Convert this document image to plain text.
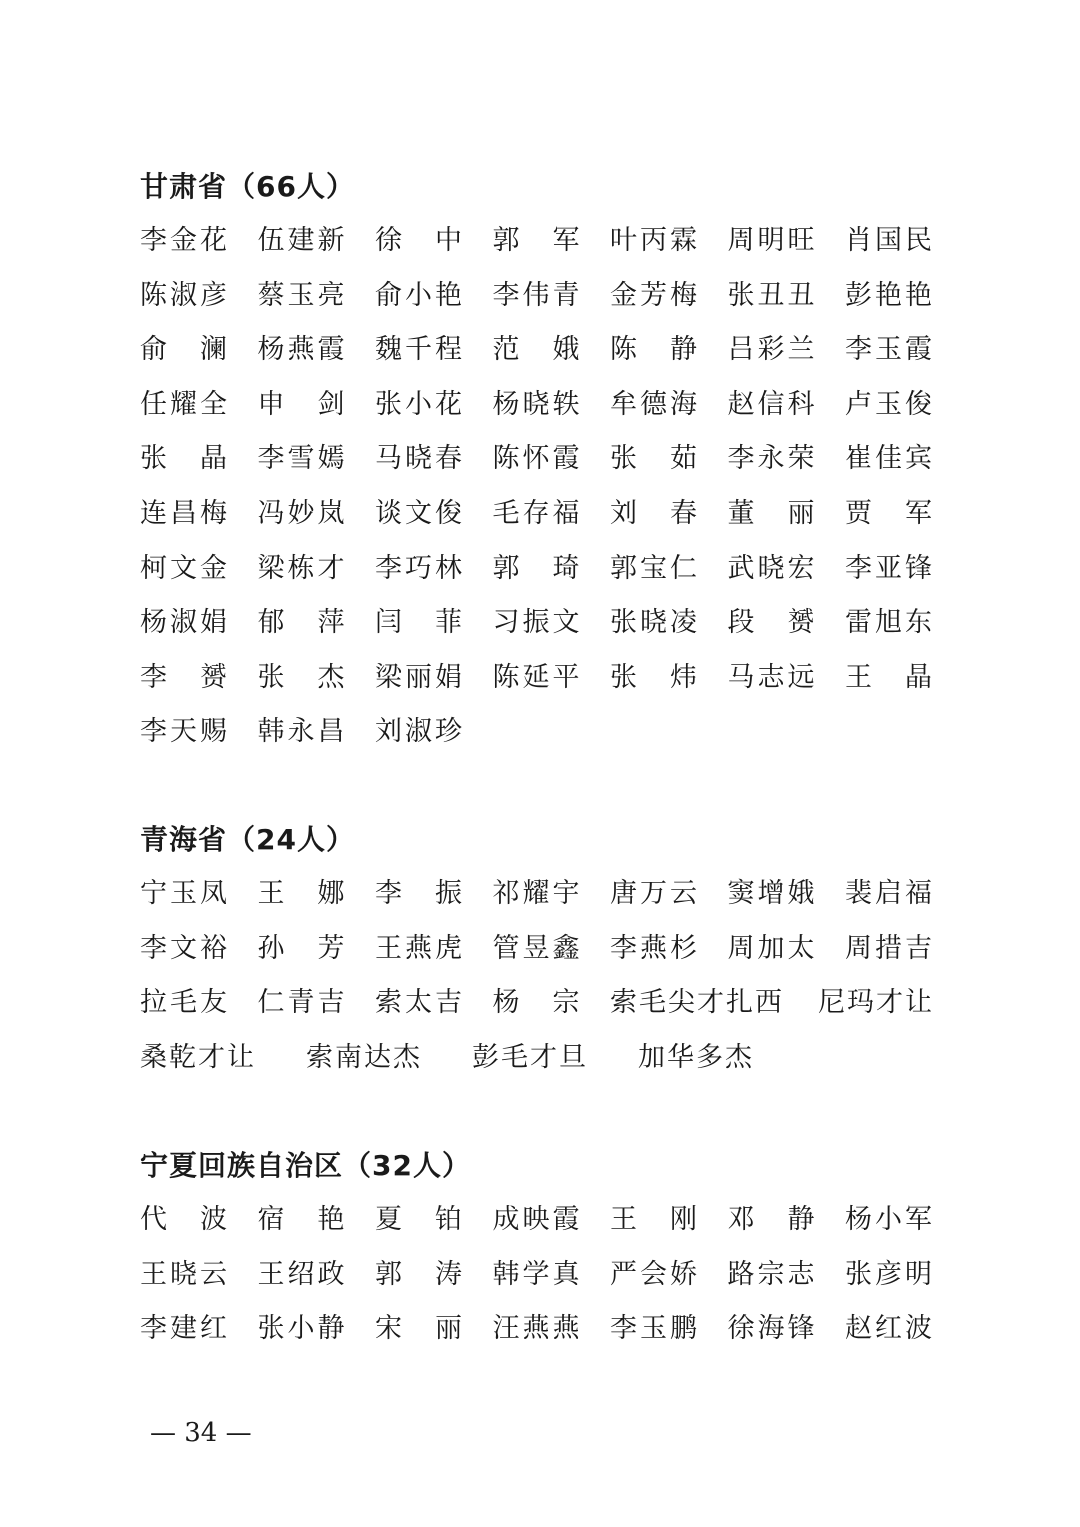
甘肃省（66人）
李 金 花 伍 建 新 徐 中 郭 军 叶 丙 霖 周 明 旺 肖 国 民
陈 淑 彦 蔡 玉 亮 俞 小 艳 李 伟 青 金 芳 梅 张 丑 丑 彭 艳 艳
俞 澜 杨 燕 霞 魏 千 程 范 娥 陈 静 吕 彩 兰 李 玉 霞
任 耀 全 申 剑 张 小 花 杨 晓 轶 牟 德 海 赵 信 科 卢 玉 俊
张 晶 李 雪 嫣 马 晓 春 陈 怀 霞 张 茹 李 永 荣 崔 佳 宾
连 昌 梅 冯 妙 岚 谈 文 俊 毛 存 福 刘 春 董 丽 贾 军
柯 文 金 梁 栋 才 李 巧 林 郭 琦 郭 宝 仁 武 晓 宏 李 亚 锋
杨 淑 娟 郁 萍 闫 菲 习 振 文 张 晓 凌 段 赟 雷 旭 东
李 赟 张 杰 梁 丽 娟 陈 延 平 张 炜 马 志 远 王 晶
李 天 赐 韩 永 昌 刘 淑 珍
青海省（24人）
宁 玉 凤 王 娜 李 振 祁 耀 宇 唐 万 云 窦 增 娥 裴 启 福
李 文 裕 孙 芳 王 燕 虎 管 昱 鑫 李 燕 杉 周 加 太 周 措 吉
拉 毛 友 仁 青 吉 索 太 吉 杨 宗 索毛尖才扎西	尼玛才让
桑乾才让 索南达杰 彭毛才旦 加华多杰
宁夏回族自治区（32人）
代 波 宿 艳 夏 铂 成 映 霞 王 刚 邓 静 杨 小 军
王 晓 云 王 绍 政 郭 涛 韩 学 真 严 会 娇 路 宗 志 张 彦 明
李 建 红 张 小 静 宋 丽 汪 燕 燕 李 玉 鹏 徐 海 锋 赵 红 波
— 34 —
